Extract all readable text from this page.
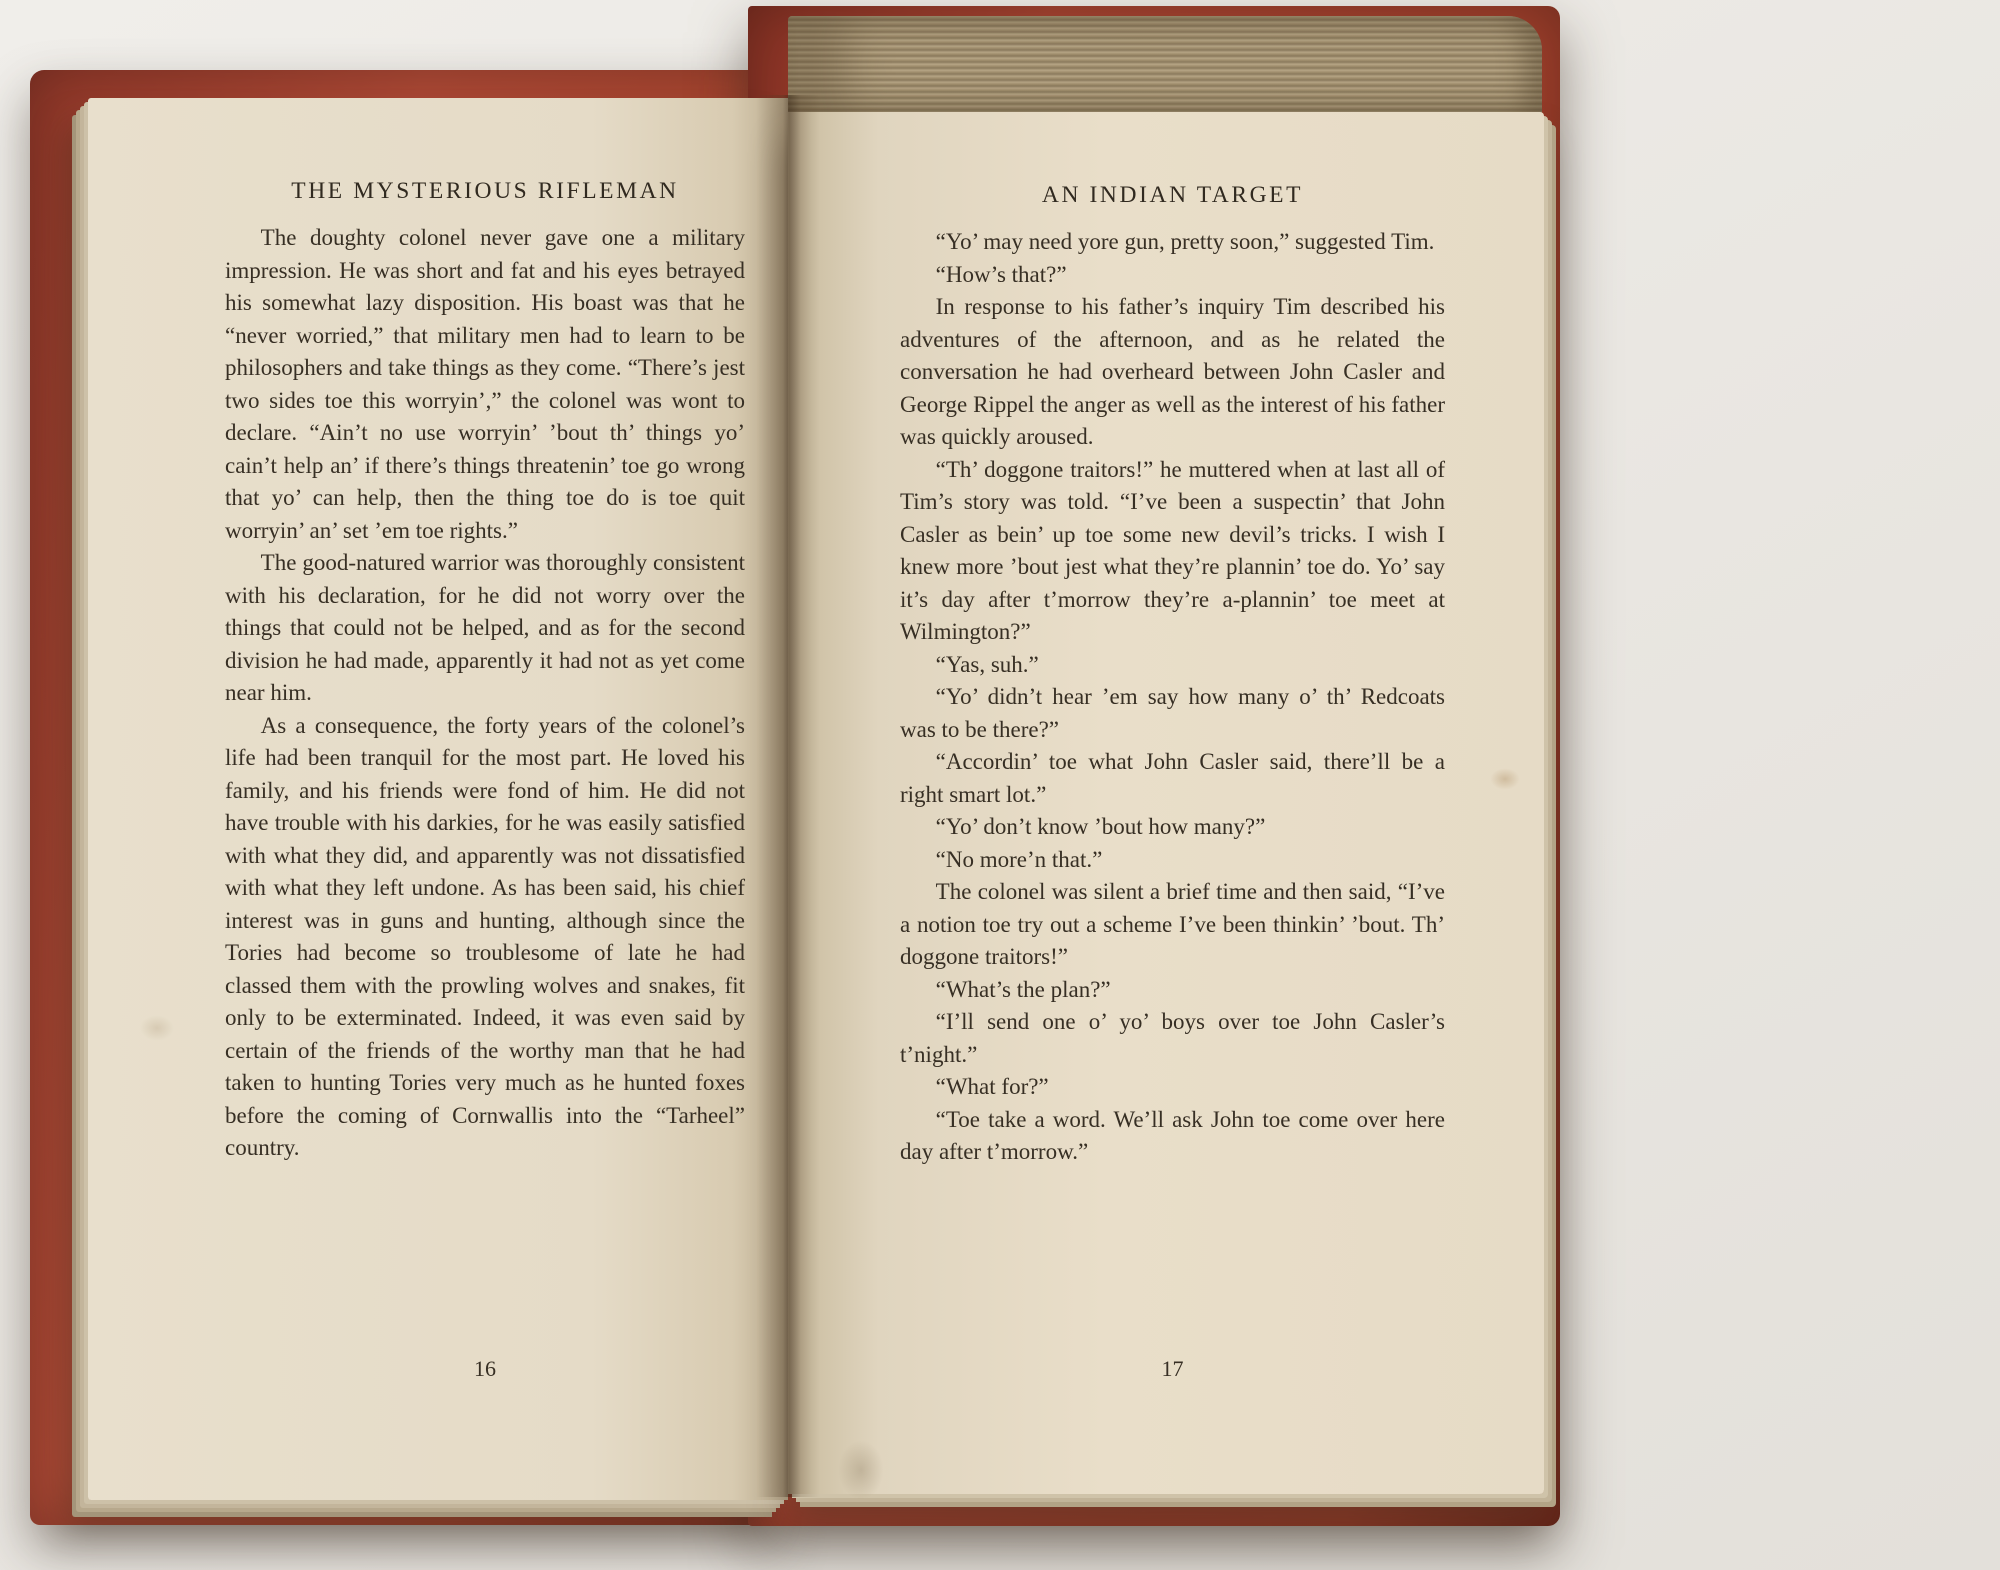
THE MYSTERIOUS RIFLEMAN

The doughty colonel never gave one a military impression. He was short and fat and his eyes betrayed his somewhat lazy disposition. His boast was that he “never worried,” that military men had to learn to be philosophers and take things as they come. “There’s jest two sides toe this worryin’,” the colonel was wont to declare. “Ain’t no use worryin’ ’bout th’ things yo’ cain’t help an’ if there’s things threatenin’ toe go wrong that yo’ can help, then the thing toe do is toe quit worryin’ an’ set ’em toe rights.”

The good-natured warrior was thoroughly consistent with his declaration, for he did not worry over the things that could not be helped, and as for the second division he had made, apparently it had not as yet come near him.

As a consequence, the forty years of the colonel’s life had been tranquil for the most part. He loved his family, and his friends were fond of him. He did not have trouble with his darkies, for he was easily satisfied with what they did, and apparently was not dissatisfied with what they left undone. As has been said, his chief interest was in guns and hunting, although since the Tories had become so troublesome of late he had classed them with the prowling wolves and snakes, fit only to be exterminated. Indeed, it was even said by certain of the friends of the worthy man that he had taken to hunting Tories very much as he hunted foxes before the coming of Cornwallis into the “Tarheel” country.

16
AN INDIAN TARGET

“Yo’ may need yore gun, pretty soon,” suggested Tim.

“How’s that?”

In response to his father’s inquiry Tim described his adventures of the afternoon, and as he related the conversation he had overheard between John Casler and George Rippel the anger as well as the interest of his father was quickly aroused.

“Th’ doggone traitors!” he muttered when at last all of Tim’s story was told. “I’ve been a suspectin’ that John Casler as bein’ up toe some new devil’s tricks. I wish I knew more ’bout jest what they’re plannin’ toe do. Yo’ say it’s day after t’morrow they’re a-plannin’ toe meet at Wilmington?”

“Yas, suh.”

“Yo’ didn’t hear ’em say how many o’ th’ Redcoats was to be there?”

“Accordin’ toe what John Casler said, there’ll be a right smart lot.”

“Yo’ don’t know ’bout how many?”

“No more’n that.”

The colonel was silent a brief time and then said, “I’ve a notion toe try out a scheme I’ve been thinkin’ ’bout. Th’ doggone traitors!”

“What’s the plan?”

“I’ll send one o’ yo’ boys over toe John Casler’s t’night.”

“What for?”

“Toe take a word. We’ll ask John toe come over here day after t’morrow.”

17
